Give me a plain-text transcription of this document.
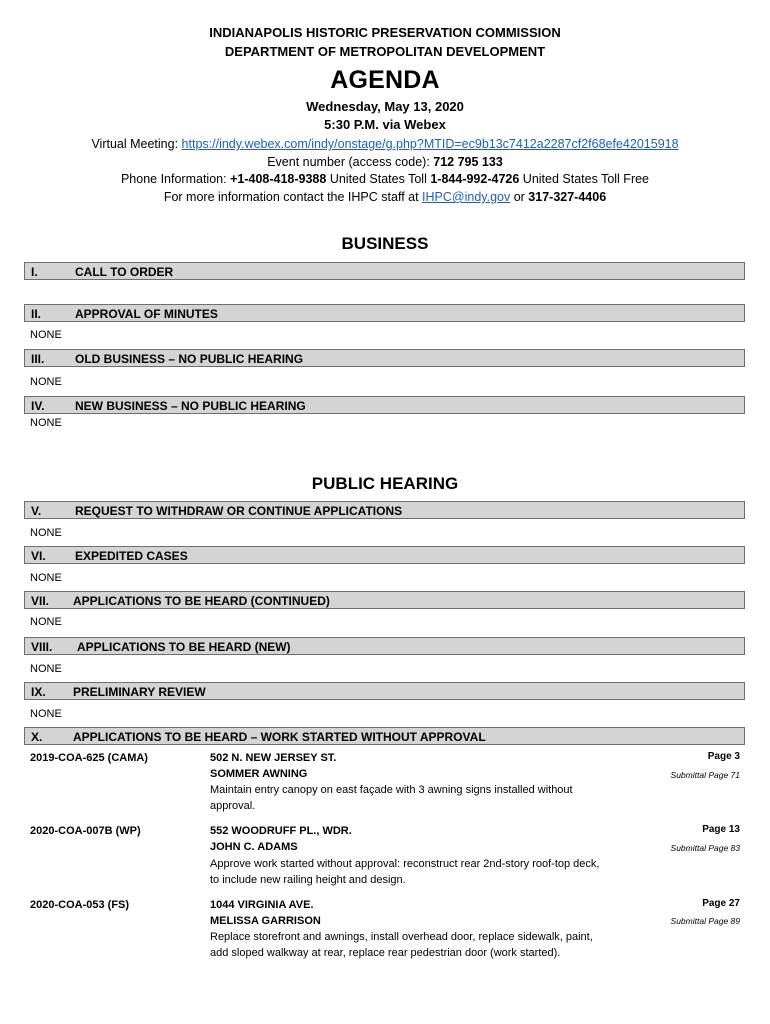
INDIANAPOLIS HISTORIC PRESERVATION COMMISSION
DEPARTMENT OF METROPOLITAN DEVELOPMENT
AGENDA
Wednesday, May 13, 2020
5:30 P.M. via Webex
Virtual Meeting: https://indy.webex.com/indy/onstage/g.php?MTID=ec9b13c7412a2287cf2f68efe42015918
Event number (access code): 712 795 133
Phone Information: +1-408-418-9388 United States Toll 1-844-992-4726 United States Toll Free
For more information contact the IHPC staff at IHPC@indy.gov or 317-327-4406
BUSINESS
I.	CALL TO ORDER
II.	APPROVAL OF MINUTES
NONE
III.	OLD BUSINESS – NO PUBLIC HEARING
NONE
IV.	NEW BUSINESS – NO PUBLIC HEARING
NONE
PUBLIC HEARING
V.	REQUEST TO WITHDRAW OR CONTINUE APPLICATIONS
NONE
VI. EXPEDITED CASES
NONE
VII. APPLICATIONS TO BE HEARD (CONTINUED)
NONE
VIII. APPLICATIONS TO BE HEARD (NEW)
NONE
IX. PRELIMINARY REVIEW
NONE
X.	APPLICATIONS TO BE HEARD – WORK STARTED WITHOUT APPROVAL
2019-COA-625 (CAMA)	502 N. NEW JERSEY ST.
SOMMER AWNING
Maintain entry canopy on east façade with 3 awning signs installed without approval.
Page 3
Submittal Page 71
2020-COA-007B (WP)	552 WOODRUFF PL., WDR.
JOHN C. ADAMS
Approve work started without approval: reconstruct rear 2nd-story roof-top deck, to include new railing height and design.
Page 13
Submittal Page 83
2020-COA-053 (FS)	1044 VIRGINIA AVE.
MELISSA GARRISON
Replace storefront and awnings, install overhead door, replace sidewalk, paint, add sloped walkway at rear, replace rear pedestrian door (work started).
Page 27
Submittal Page 89
